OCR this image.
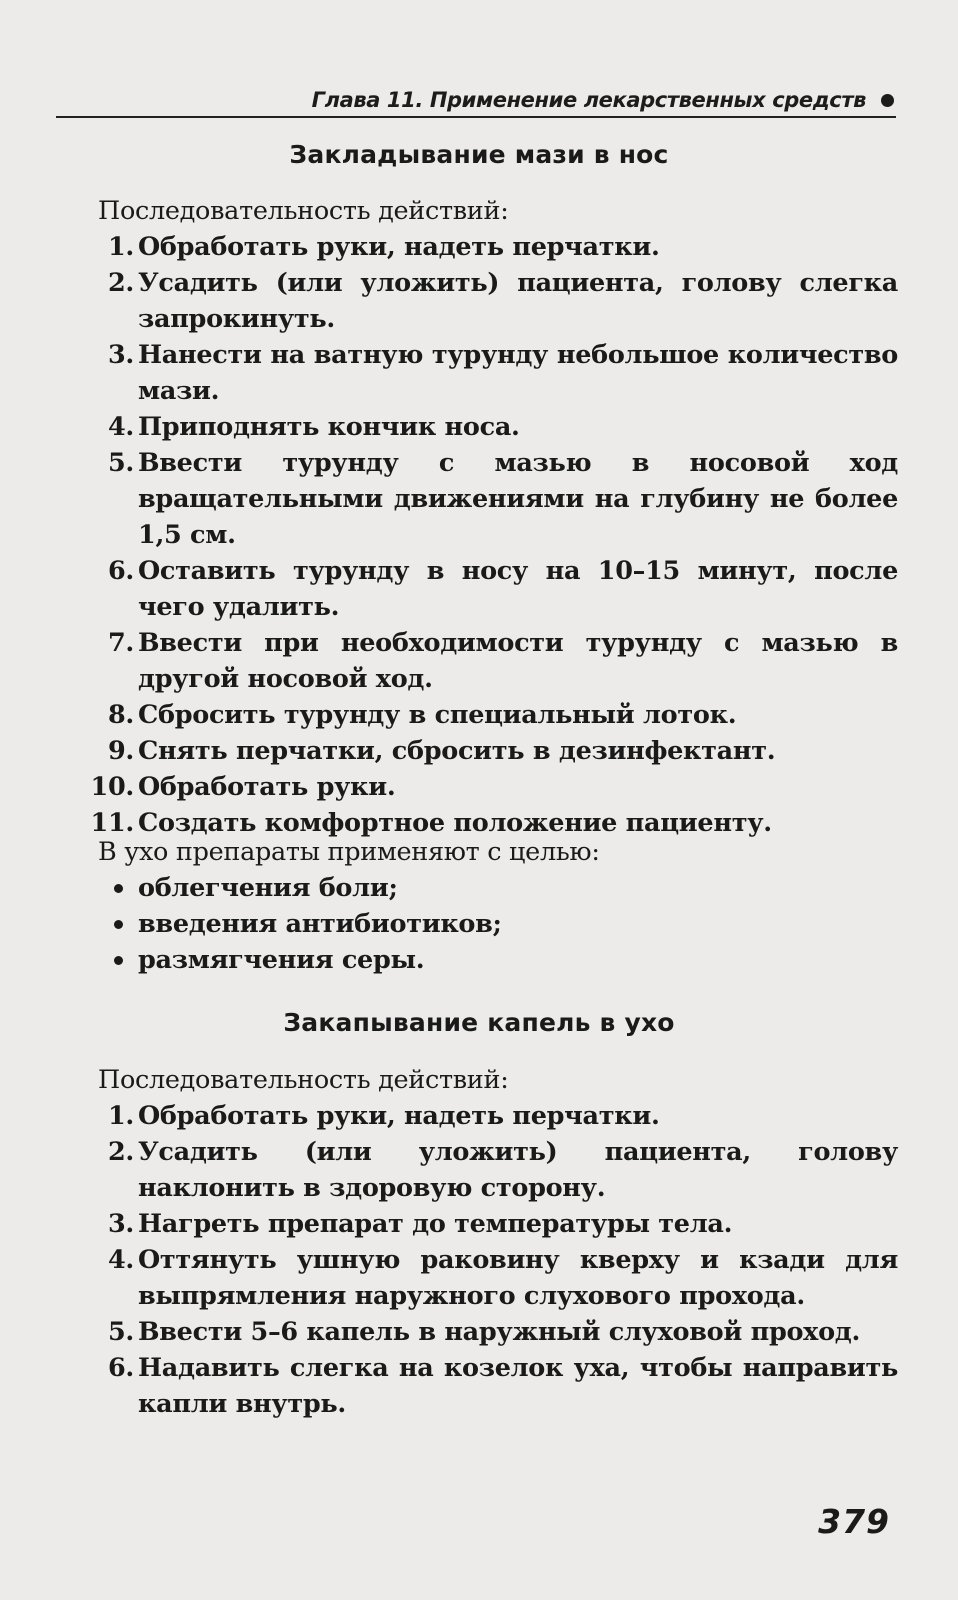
Глава 11. Применение лекарственных средств
Закладывание мази в нос

Последовательность действий:

1. Обработать руки, надеть перчатки.
2. Усадить (или уложить) пациента, голову слегка запрокинуть.
3. Нанести на ватную турунду небольшое количество мази.
4. Приподнять кончик носа.
5. Ввести турунду с мазью в носовой ход вращательными движениями на глубину не более 1,5 см.
6. Оставить турунду в носу на 10–15 минут, после чего удалить.
7. Ввести при необходимости турунду с мазью в другой носовой ход.
8. Сбросить турунду в специальный лоток.
9. Снять перчатки, сбросить в дезинфектант.
10. Обработать руки.
11. Создать комфортное положение пациенту.

В ухо препараты применяют с целью:

облегчения боли;
введения антибиотиков;
размягчения серы.
Закапывание капель в ухо

Последовательность действий:

1. Обработать руки, надеть перчатки.
2. Усадить (или уложить) пациента, голову наклонить в здоровую сторону.
3. Нагреть препарат до температуры тела.
4. Оттянуть ушную раковину кверху и кзади для выпрямления наружного слухового прохода.
5. Ввести 5–6 капель в наружный слуховой проход.
6. Надавить слегка на козелок уха, чтобы направить капли внутрь.
379
